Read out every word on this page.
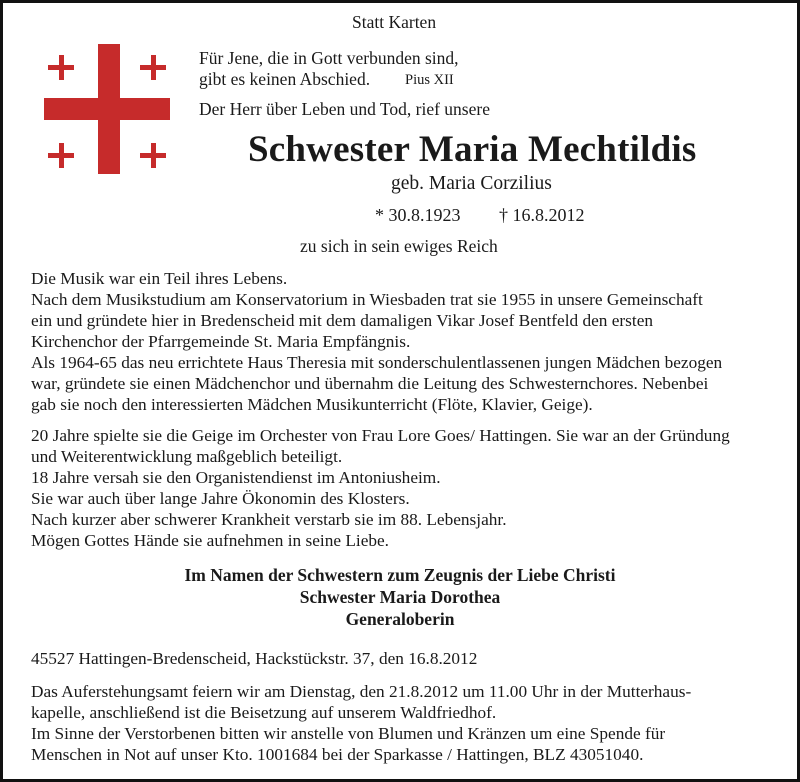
Statt Karten
Für Jene, die in Gott verbunden sind,
gibt es keinen Abschied. Pius XII
Der Herr über Leben und Tod, rief unsere
Schwester Maria Mechtildis
geb. Maria Corzilius
* 30.8.1923 † 16.8.2012
zu sich in sein ewiges Reich
Die Musik war ein Teil ihres Lebens.
Nach dem Musikstudium am Konservatorium in Wiesbaden trat sie 1955 in unsere Gemeinschaft
ein und gründete hier in Bredenscheid mit dem damaligen Vikar Josef Bentfeld den ersten
Kirchenchor der Pfarrgemeinde St. Maria Empfängnis.
Als 1964-65 das neu errichtete Haus Theresia mit sonderschulentlassenen jungen Mädchen bezogen
war, gründete sie einen Mädchenchor und übernahm die Leitung des Schwesternchores. Nebenbei
gab sie noch den interessierten Mädchen Musikunterricht (Flöte, Klavier, Geige).
20 Jahre spielte sie die Geige im Orchester von Frau Lore Goes/ Hattingen. Sie war an der Gründung
und Weiterentwicklung maßgeblich beteiligt.
18 Jahre versah sie den Organistendienst im Antoniusheim.
Sie war auch über lange Jahre Ökonomin des Klosters.
Nach kurzer aber schwerer Krankheit verstarb sie im 88. Lebensjahr.
Mögen Gottes Hände sie aufnehmen in seine Liebe.
Im Namen der Schwestern zum Zeugnis der Liebe Christi
Schwester Maria Dorothea
Generaloberin
45527 Hattingen-Bredenscheid, Hackstückstr. 37, den 16.8.2012
Das Auferstehungsamt feiern wir am Dienstag, den 21.8.2012 um 11.00 Uhr in der Mutterhaus-
kapelle, anschließend ist die Beisetzung auf unserem Waldfriedhof.
Im Sinne der Verstorbenen bitten wir anstelle von Blumen und Kränzen um eine Spende für
Menschen in Not auf unser Kto. 1001684 bei der Sparkasse / Hattingen, BLZ 43051040.
